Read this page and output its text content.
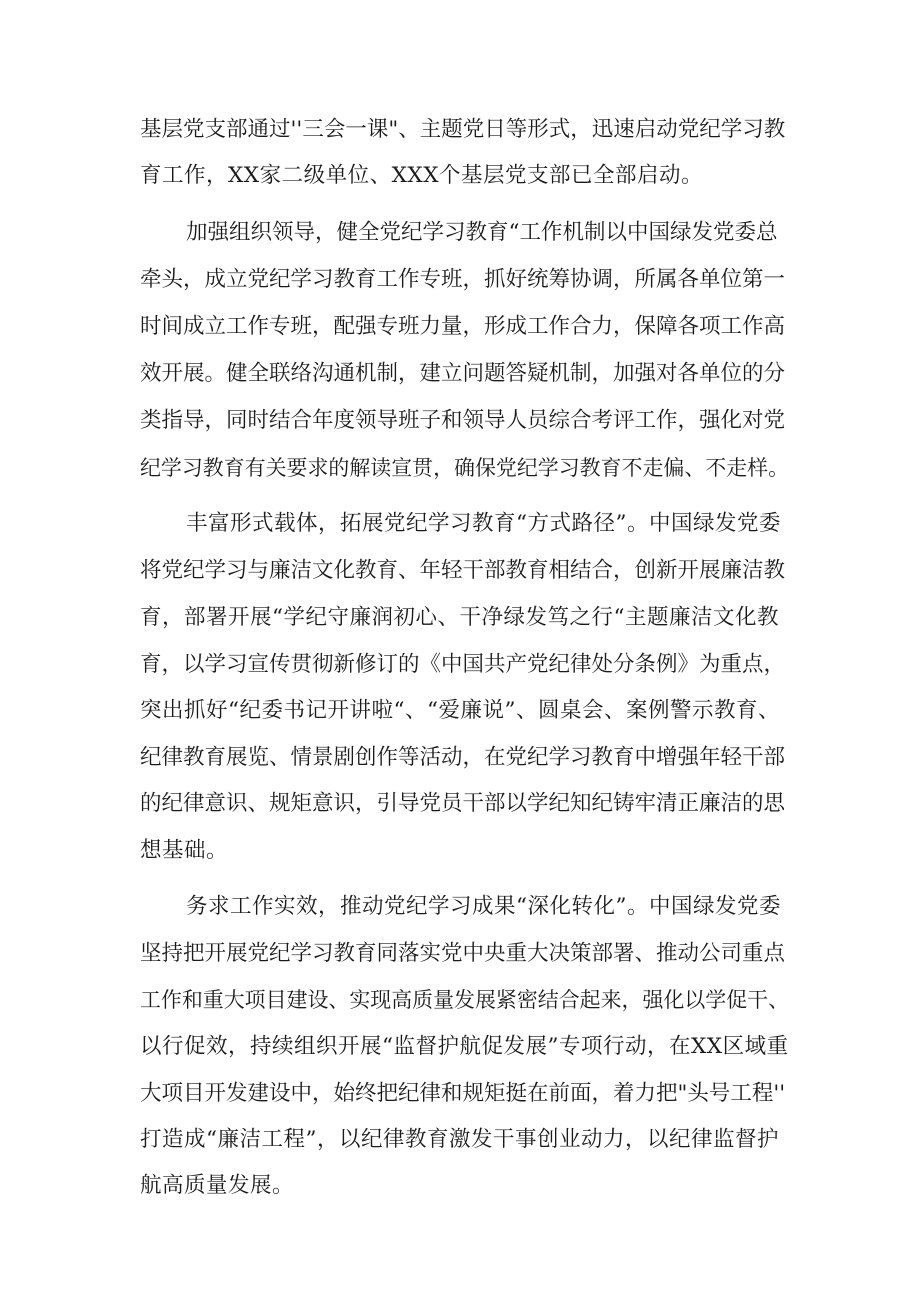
基层党支部通过''三会一课"、主题党日等形式，迅速启动党纪学习教
育工作，XX家二级单位、XXX个基层党支部已全部启动。
加强组织领导，健全党纪学习教育“工作机制以中国绿发党委总
牵头，成立党纪学习教育工作专班，抓好统筹协调，所属各单位第一
时间成立工作专班，配强专班力量，形成工作合力，保障各项工作高
效开展。健全联络沟通机制，建立问题答疑机制，加强对各单位的分
类指导，同时结合年度领导班子和领导人员综合考评工作，强化对党
纪学习教育有关要求的解读宣贯，确保党纪学习教育不走偏、不走样。
丰富形式载体，拓展党纪学习教育“方式路径”。中国绿发党委
将党纪学习与廉洁文化教育、年轻干部教育相结合，创新开展廉洁教
育，部署开展“学纪守廉润初心、干净绿发笃之行“主题廉洁文化教
育，以学习宣传贯彻新修订的《中国共产党纪律处分条例》为重点，
突出抓好“纪委书记开讲啦“、“爱廉说”、圆桌会、案例警示教育、
纪律教育展览、情景剧创作等活动，在党纪学习教育中增强年轻干部
的纪律意识、规矩意识，引导党员干部以学纪知纪铸牢清正廉洁的思
想基础。
务求工作实效，推动党纪学习成果“深化转化”。中国绿发党委
坚持把开展党纪学习教育同落实党中央重大决策部署、推动公司重点
工作和重大项目建设、实现高质量发展紧密结合起来，强化以学促干、
以行促效，持续组织开展“监督护航促发展”专项行动，在XX区域重
大项目开发建设中，始终把纪律和规矩挺在前面，着力把"头号工程''
打造成“廉洁工程”，以纪律教育激发干事创业动力，以纪律监督护
航高质量发展。
